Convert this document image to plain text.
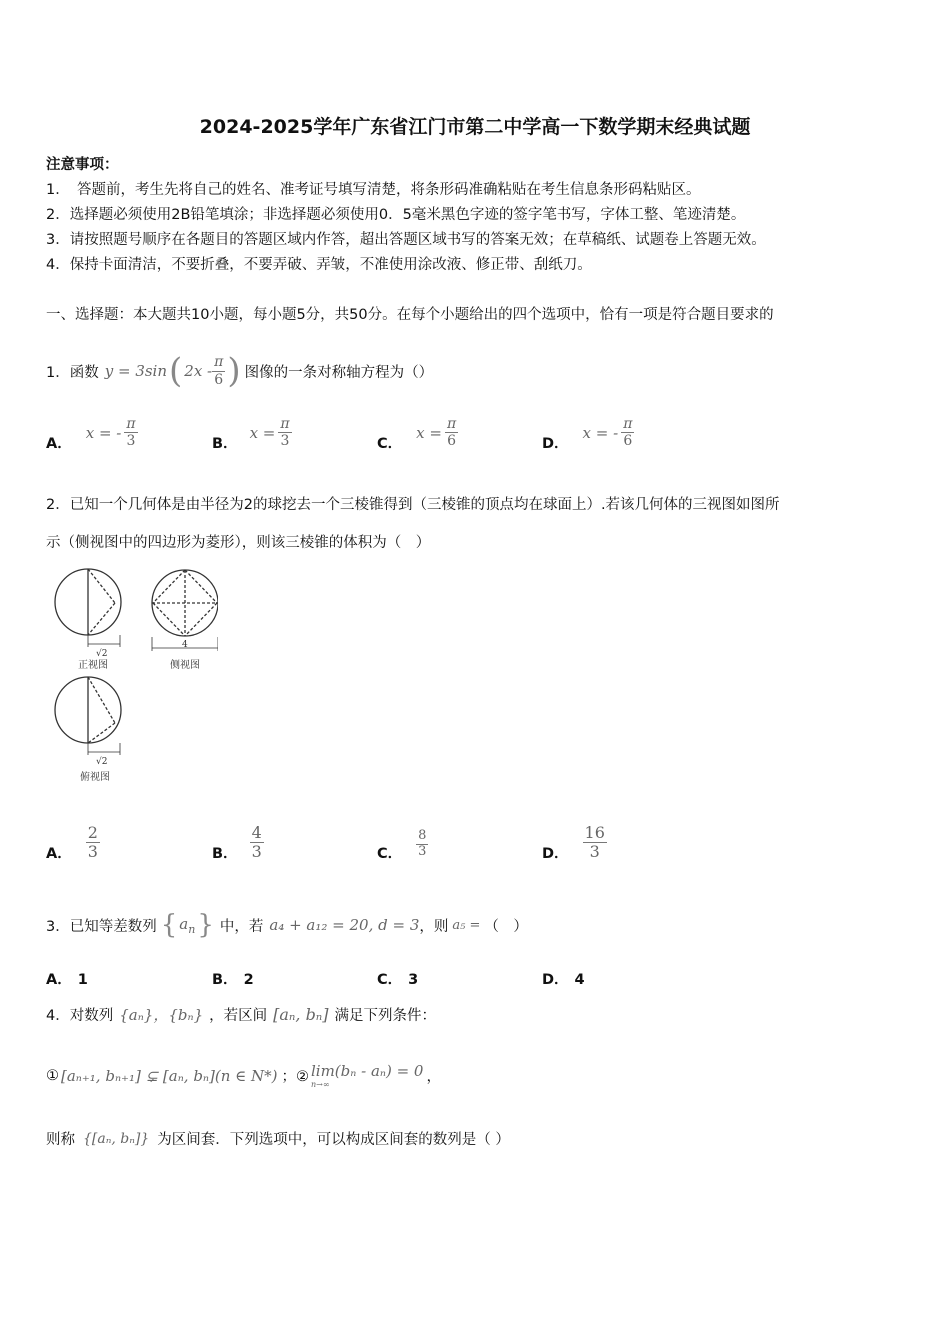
2024-2025学年广东省江门市第二中学高一下数学期末经典试题
注意事项：
1．　答题前，考生先将自己的姓名、准考证号填写清楚，将条形码准确粘贴在考生信息条形码粘贴区。
2．选择题必须使用2B铅笔填涂；非选择题必须使用0．5毫米黑色字迹的签字笔书写，字体工整、笔迹清楚。
3．请按照题号顺序在各题目的答题区域内作答，超出答题区域书写的答案无效；在草稿纸、试题卷上答题无效。
4．保持卡面清洁，不要折叠，不要弄破、弄皱，不准使用涂改液、修正带、刮纸刀。
一、选择题：本大题共10小题，每小题5分，共50分。在每个小题给出的四个选项中，恰有一项是符合题目要求的
1．函数 y = 3sin ( $2x - \frac{\pi}{6}$ ) 图像的一条对称轴方程为（）
A．
x = - $\frac{\pi}{3}$	B．
$x = \frac{\pi}{3}$	C．
$x = \frac{\pi}{6}$	D．
x = - $\frac{\pi}{6}$
2．已知一个几何体是由半径为2的球挖去一个三棱锥得到（三棱锥的顶点均在球面上）.若该几何体的三视图如图所
示（侧视图中的四边形为菱形），则该三棱锥的体积为（　）
√2
正视图
4
侧视图
√2
俯视图
A． $\frac{2}{3}$	B． $\frac{4}{3}$	C． $\frac{8}{3}$	D． $\frac{16}{3}$
3．已知等差数列 { $a_n$ } 中，若 a₄ + a₁₂ = 20, d = 3 ，则 a₅ = （　）
A． 1	B． 2	C． 3	D． 4
4．对数列 {aₙ}，{bₙ} ，若区间 [aₙ, bₙ] 满足下列条件：
① [aₙ₊₁, bₙ₊₁] ⊊ [aₙ, bₙ](n ∈ N*) ；② lim(bₙ - aₙ) = 0
n→∞	，
则称 {[aₙ, bₙ]} 为区间套．下列选项中，可以构成区间套的数列是（ ）
